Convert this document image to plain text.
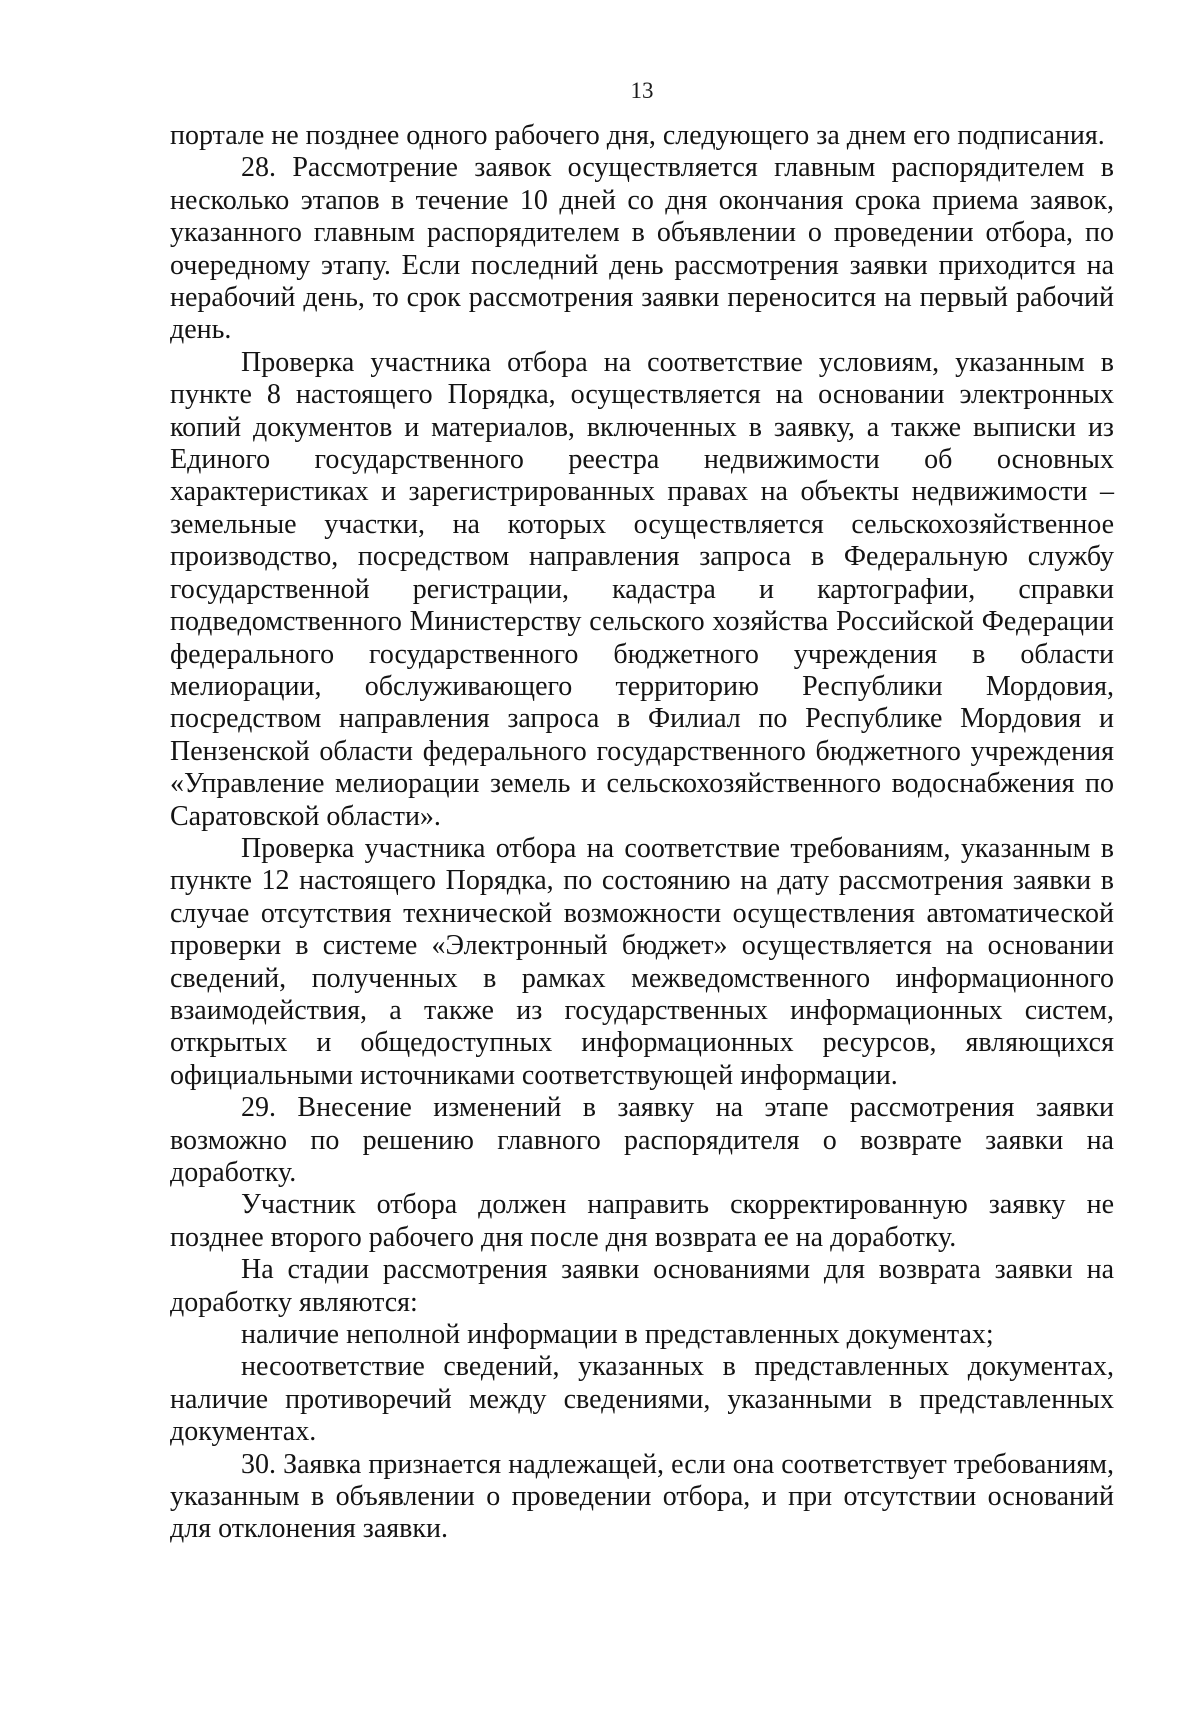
13

портале не позднее одного рабочего дня, следующего за днем его подписания.

28. Рассмотрение заявок осуществляется главным распорядителем в несколько этапов в течение 10 дней со дня окончания срока приема заявок, указанного главным распорядителем в объявлении о проведении отбора, по очередному этапу. Если последний день рассмотрения заявки приходится на нерабочий день, то срок рассмотрения заявки переносится на первый рабочий день.

Проверка участника отбора на соответствие условиям, указанным в пункте 8 настоящего Порядка, осуществляется на основании электронных копий документов и материалов, включенных в заявку, а также выписки из Единого государственного реестра недвижимости об основных характеристиках и зарегистрированных правах на объекты недвижимости – земельные участки, на которых осуществляется сельскохозяйственное производство, посредством направления запроса в Федеральную службу государственной регистрации, кадастра и картографии, справки подведомственного Министерству сельского хозяйства Российской Федерации федерального государственного бюджетного учреждения в области мелиорации, обслуживающего территорию Республики Мордовия, посредством направления запроса в Филиал по Республике Мордовия и Пензенской области федерального государственного бюджетного учреждения «Управление мелиорации земель и сельскохозяйственного водоснабжения по Саратовской области».

Проверка участника отбора на соответствие требованиям, указанным в пункте 12 настоящего Порядка, по состоянию на дату рассмотрения заявки в случае отсутствия технической возможности осуществления автоматической проверки в системе «Электронный бюджет» осуществляется на основании сведений, полученных в рамках межведомственного информационного взаимодействия, а также из государственных информационных систем, открытых и общедоступных информационных ресурсов, являющихся официальными источниками соответствующей информации.

29. Внесение изменений в заявку на этапе рассмотрения заявки возможно по решению главного распорядителя о возврате заявки на доработку.

Участник отбора должен направить скорректированную заявку не позднее второго рабочего дня после дня возврата ее на доработку.

На стадии рассмотрения заявки основаниями для возврата заявки на доработку являются:

наличие неполной информации в представленных документах;

несоответствие сведений, указанных в представленных документах, наличие противоречий между сведениями, указанными в представленных документах.

30. Заявка признается надлежащей, если она соответствует требованиям, указанным в объявлении о проведении отбора, и при отсутствии оснований для отклонения заявки.
